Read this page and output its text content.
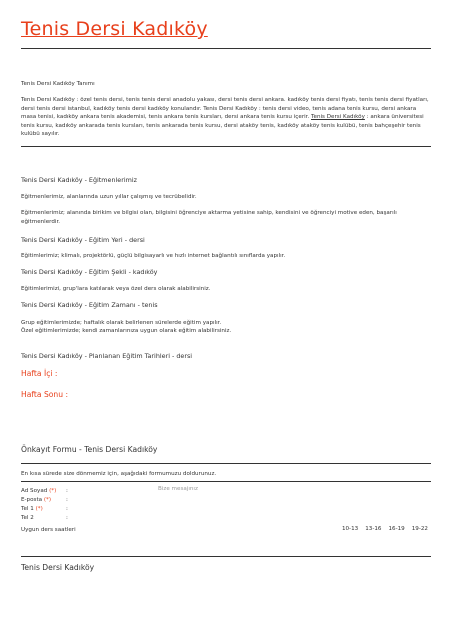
Tenis Dersi Kadıköy

Tenis Dersi Kadıköy Tanımı

Tenis Dersi Kadıköy : özel tenis dersi, tenis tenis dersi anadolu yakası, dersi tenis dersi ankara. kadıköy tenis dersi fiyatı, tenis tenis dersi fiyatları, dersi tenis dersi istanbul, kadıköy tenis dersi kadıköy konulandır. Tenis Dersi Kadıköy : tenis dersi video, tenis adana tenis kursu, dersi ankara masa tenisi, kadıköy ankara tenis akademisi, tenis ankara tenis kursları, dersi ankara tenis kursu içerir. Tenis Dersi Kadıköy : ankara üniversitesi tenis kursu, kadıköy ankarada tenis kursları, tenis ankarada tenis kursu, dersi ataköy tenis, kadıköy ataköy tenis kulübü, tenis bahçeşehir tenis kulübü sayılır.

Tenis Dersi Kadıköy - Eğitmenlerimiz

Eğitmenlerimiz, alanlarında uzun yıllar çalışmış ve tecrübelidir.

Eğitmenlerimiz; alanında birikim ve bilgisi olan, bilgisini öğrenciye aktarma yetisine sahip, kendisini ve öğrenciyi motive eden, başarılı eğitmenlerdir.

Tenis Dersi Kadıköy - Eğitim Yeri - dersi

Eğitimlerimiz; klimalı, projektörlü, güçlü bilgisayarlı ve hızlı internet bağlantılı sınıflarda yapılır.

Tenis Dersi Kadıköy - Eğitim Şekli - kadıköy

Eğitimlerimizi, grup'lara katılarak veya özel ders olarak alabilirsiniz.

Tenis Dersi Kadıköy - Eğitim Zamanı - tenis

Grup eğitimlerimizde; haftalık olarak belirlenen sürelerde eğitim yapılır.

Özel eğitimlerimizde; kendi zamanlarınıza uygun olarak eğitim alabilirsiniz.

Tenis Dersi Kadıköy - Planlanan Eğitim Tarihleri - dersi

Hafta İçi :

Hafta Sonu :

Önkayıt Formu - Tenis Dersi Kadıköy

En kısa sürede size dönmemiz için, aşağıdaki formumuzu doldurunuz.

Ad Soyad (*) :
E-posta (*)	:
Tel 1 (*)	:
Tel 2	:
Bize mesajınız
Uygun ders saatleri	10-13 13-16 16-19 19-22

Tenis Dersi Kadıköy
